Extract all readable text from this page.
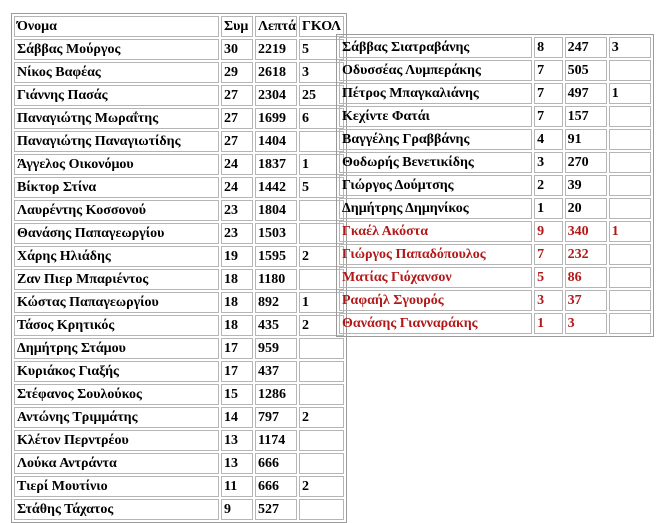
Όνομα	Συμ	Λεπτά	ΓΚΟΛ
Σάββας Μούργος	30	2219	5
Νίκος Βαφέας	29	2618	3
Γιάννης Πασάς	27	2304	25
Παναγιώτης Μωραΐτης	27	1699	6
Παναγιώτης Παναγιωτίδης	27	1404	
Άγγελος Οικονόμου	24	1837	1
Βίκτορ Στίνα	24	1442	5
Λαυρέντης Κοσσονού	23	1804	
Θανάσης Παπαγεωργίου	23	1503	
Χάρης Ηλιάδης	19	1595	2
Ζαν Πιερ Μπαριέντος	18	1180	
Κώστας Παπαγεωργίου	18	892	1
Τάσος Κρητικός	18	435	2
Δημήτρης Στάμου	17	959	
Κυριάκος Γιαξής	17	437	
Στέφανος Σουλούκος	15	1286	
Αντώνης Τριμμάτης	14	797	2
Κλέτον Περντρέου	13	1174	
Λούκα Αντράντα	13	666	
Τιερί Μουτίνιο	11	666	2
Στάθης Τάχατος	9	527	
Σάββας Σιατραβάνης	8	247	3
Οδυσσέας Λυμπεράκης	7	505	
Πέτρος Μπαγκαλιάνης	7	497	1
Κεχίντε Φατάι	7	157	
Βαγγέλης Γραββάνης	4	91	
Θοδωρής Βενετικίδης	3	270	
Γιώργος Δούμτσης	2	39	
Δημήτρης Δημηνίκος	1	20	
Γκαέλ Ακόστα	9	340	1
Γιώργος Παπαδόπουλος	7	232	
Ματίας Γιόχανσον	5	86	
Ραφαήλ Σγουρός	3	37	
Θανάσης Γιανναράκης	1	3	
